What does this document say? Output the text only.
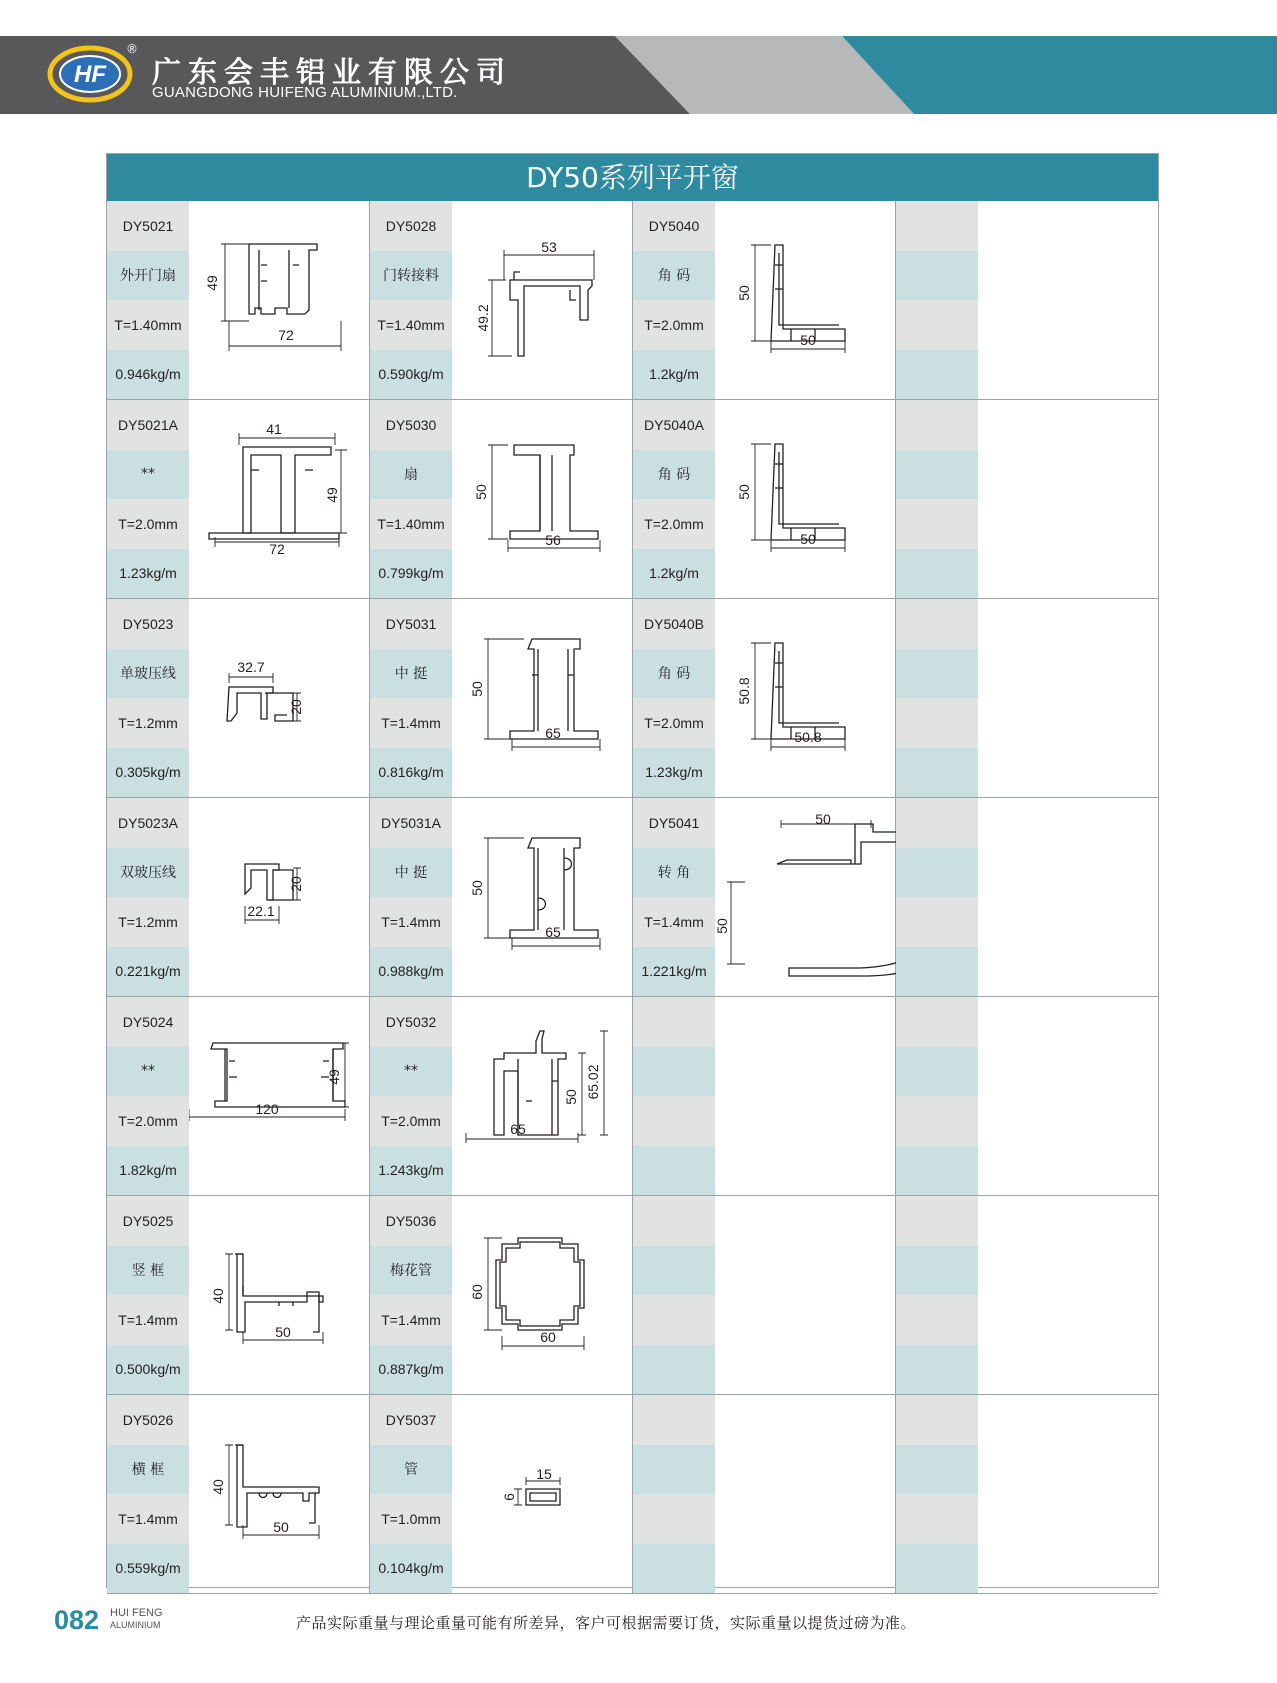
HF
®
广东会丰铝业有限公司
GUANGDONG HUIFENG ALUMINIUM.,LTD.
DY50系列平开窗
DY5021
外开门扇
T=1.40mm
0.946kg/m
49
72
DY5028
门转接料
T=1.40mm
0.590kg/m
53
49.2
DY5040
角 码
T=2.0mm
1.2kg/m
50
50
DY5021A
**
T=2.0mm
1.23kg/m
41
49
72
DY5030
扇
T=1.40mm
0.799kg/m
50
56
DY5040A
角 码
T=2.0mm
1.2kg/m
50
50
DY5023
单玻压线
T=1.2mm
0.305kg/m
32.7
20
DY5031
中 挺
T=1.4mm
0.816kg/m
50
65
DY5040B
角 码
T=2.0mm
1.23kg/m
50.8
50.8
DY5023A
双玻压线
T=1.2mm
0.221kg/m
20
22.1
DY5031A
中 挺
T=1.4mm
0.988kg/m
50
65
DY5041
转 角
T=1.4mm
1.221kg/m
50
50
DY5024
**
T=2.0mm
1.82kg/m
49
120
DY5032
**
T=2.0mm
1.243kg/m
50 65.02
65
DY5025
竖 框
T=1.4mm
0.500kg/m
40
50
DY5036
梅花管
T=1.4mm
0.887kg/m
60
60
DY5026
横 框
T=1.4mm
0.559kg/m
40
50
DY5037
管
T=1.0mm
0.104kg/m
15
6
082 HUI FENG
ALUMINIUM	产品实际重量与理论重量可能有所差异，客户可根据需要订货，实际重量以提货过磅为准。
